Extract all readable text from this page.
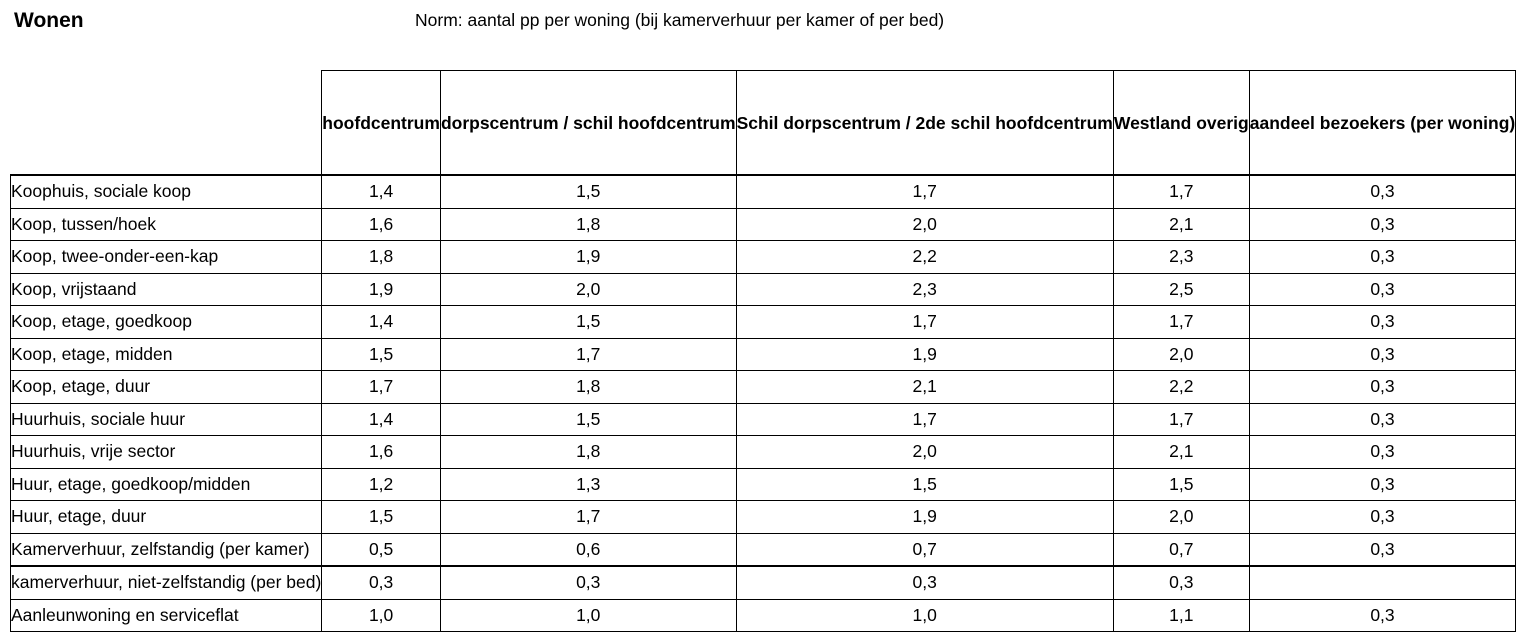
Wonen	Norm: aantal pp per woning (bij kamerverhuur per kamer of per bed)
	hoofdcentrum	dorpscentrum / schil hoofdcentrum	Schil dorpscentrum / 2de schil hoofdcentrum	Westland overig	aandeel bezoekers (per woning)
Koophuis, sociale koop	1,4	1,5	1,7	1,7	0,3
Koop, tussen/hoek	1,6	1,8	2,0	2,1	0,3
Koop, twee-onder-een-kap	1,8	1,9	2,2	2,3	0,3
Koop, vrijstaand	1,9	2,0	2,3	2,5	0,3
Koop, etage, goedkoop	1,4	1,5	1,7	1,7	0,3
Koop, etage, midden	1,5	1,7	1,9	2,0	0,3
Koop, etage, duur	1,7	1,8	2,1	2,2	0,3
Huurhuis, sociale huur	1,4	1,5	1,7	1,7	0,3
Huurhuis, vrije sector	1,6	1,8	2,0	2,1	0,3
Huur, etage, goedkoop/midden	1,2	1,3	1,5	1,5	0,3
Huur, etage, duur	1,5	1,7	1,9	2,0	0,3
Kamerverhuur, zelfstandig (per kamer)	0,5	0,6	0,7	0,7	0,3
kamerverhuur, niet-zelfstandig (per bed)	0,3	0,3	0,3	0,3	
Aanleunwoning en serviceflat	1,0	1,0	1,0	1,1	0,3
